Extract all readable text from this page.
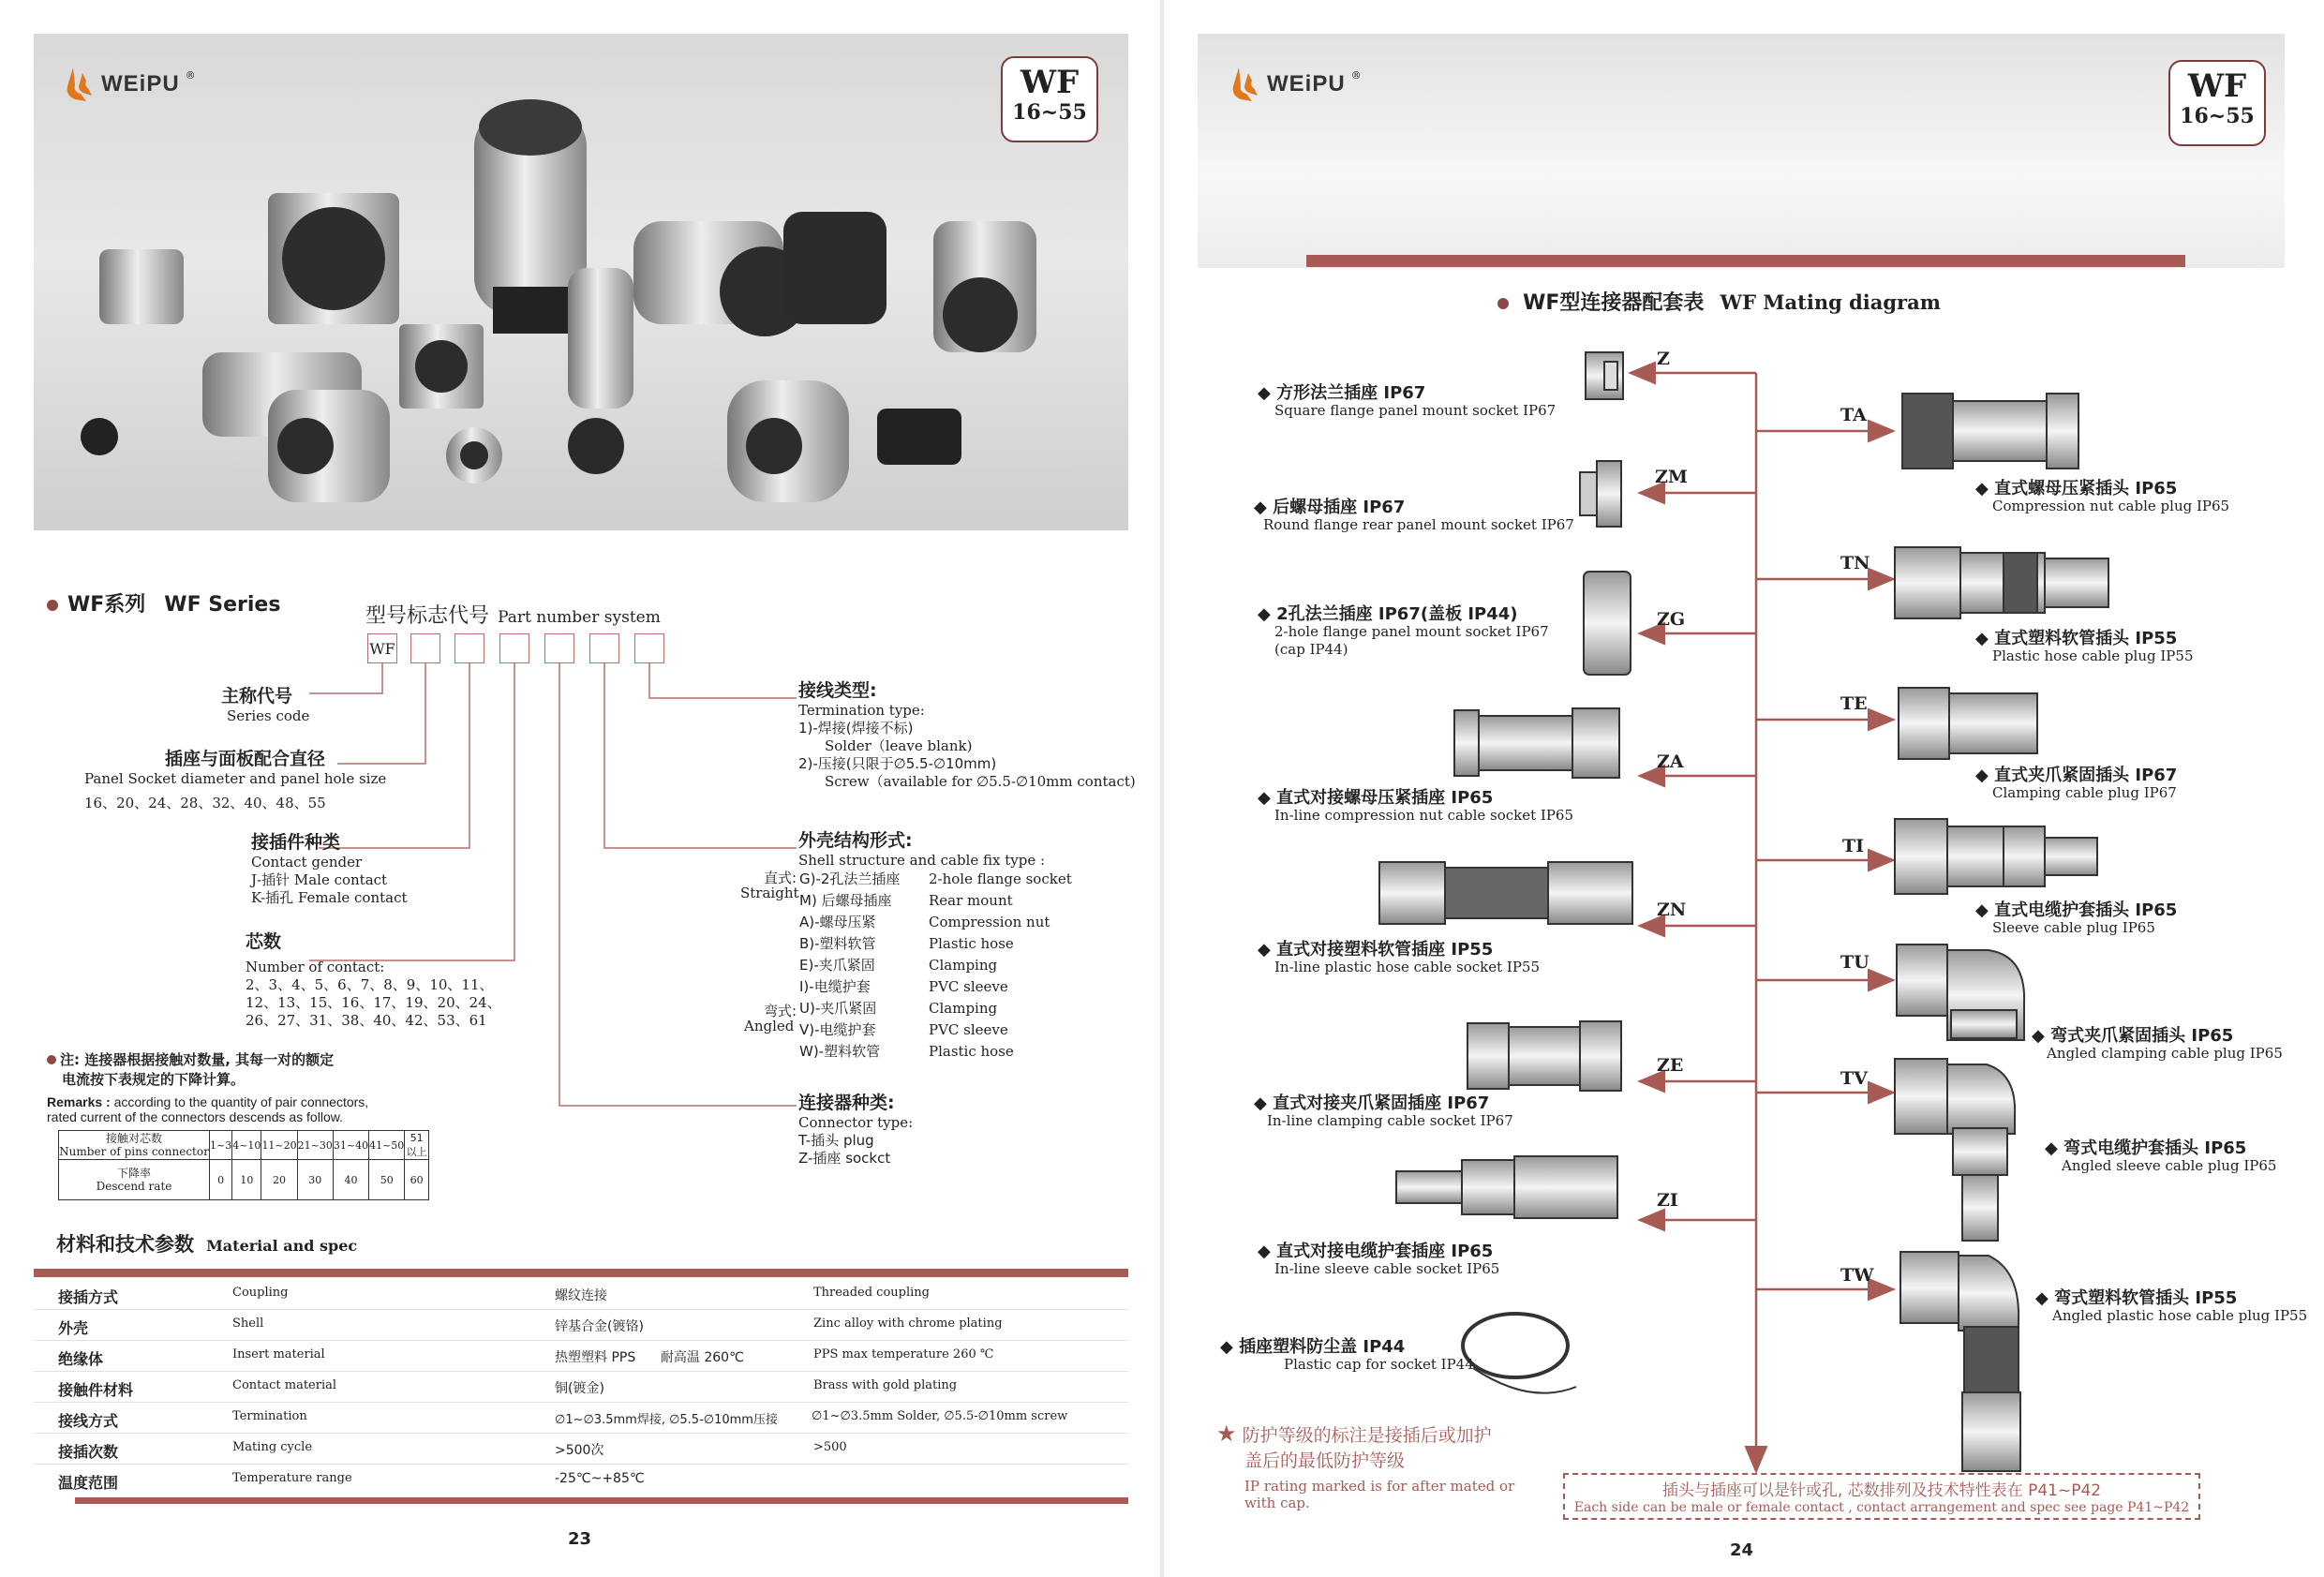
WEiPU ®	WF
16~55
WF系列 WF Series	型号标志代号 Part number system
WF
主称代号
Series code
插座与面板配合直径
Panel Socket diameter and panel hole size
16、20、24、28、32、40、48、55
接插件种类
Contact gender
J-插针 Male contact
K-插孔 Female contact
芯数
Number of contact:
2、3、4、5、6、7、8、9、10、11、
12、13、15、16、17、19、20、24、
26、27、31、38、40、42、53、61
接线类型:
Termination type:
1)-焊接(焊接不标)
Solder（leave blank)
2)-压接(只限于∅5.5-∅10mm)
Screw（available for ∅5.5-∅10mm contact)
外壳结构形式:
Shell structure and cable fix type :
直式:
Straight
弯式:
Angled
G)-2孔法兰插座 2-hole flange socket
M) 后螺母插座	Rear mount
A)-螺母压紧	Compression nut
B)-塑料软管	Plastic hose
E)-夹爪紧固	Clamping
I)-电缆护套	PVC sleeve
U)-夹爪紧固	Clamping
V)-电缆护套	PVC sleeve
W)-塑料软管	Plastic hose
连接器种类:
Connector type:
T-插头 plug
Z-插座 sockct
注: 连接器根据接触对数量, 其每一对的额定
电流按下表规定的下降计算。
Remarks : according to the quantity of pair connectors,
rated current of the connectors descends as follow.
接触对芯数
Number of pins connector	1~3	4~10	11~20	21~30	31~40	41~50	51以上
下降率
Descend rate	0	10	20	30	40	50	60
材料和技术参数 Material and spec
接插方式	Coupling	螺纹连接	Threaded coupling
外壳	Shell	锌基合金(镀铬)	Zinc alloy with chrome plating
绝缘体	Insert material	热塑塑料 PPS      耐高温 260℃	PPS max temperature 260 ℃
接触件材料	Contact material	铜(镀金)	Brass with gold plating
接线方式	Termination	∅1~∅3.5mm焊接, ∅5.5-∅10mm压接	∅1~∅3.5mm Solder, ∅5.5-∅10mm screw
接插次数	Mating cycle	>500次	>500
温度范围	Temperature range	-25℃~+85℃
23
WEiPU ®	WF
16~55
WF型连接器配套表 WF Mating diagram
Z
ZM
ZG
ZA
ZN
ZE
ZI
TA
TN
TE
TI
TU
TV
TW
◆ 方形法兰插座 IP67
Square flange panel mount socket IP67
◆ 后螺母插座 IP67
Round flange rear panel mount socket IP67
◆ 2孔法兰插座 IP67(盖板 IP44)
2-hole flange panel mount socket IP67
(cap IP44)
◆ 直式对接螺母压紧插座 IP65
In-line compression nut cable socket IP65
◆ 直式对接塑料软管插座 IP55
In-line plastic hose cable socket IP55
◆ 直式对接夹爪紧固插座 IP67
In-line clamping cable socket IP67
◆ 直式对接电缆护套插座 IP65
In-line sleeve cable socket IP65
◆ 插座塑料防尘盖 IP44
Plastic cap for socket IP44
◆ 直式螺母压紧插头 IP65
Compression nut cable plug IP65
◆ 直式塑料软管插头 IP55
Plastic hose cable plug IP55
◆ 直式夹爪紧固插头 IP67
Clamping cable plug IP67
◆ 直式电缆护套插头 IP65
Sleeve cable plug IP65
◆ 弯式夹爪紧固插头 IP65
Angled clamping cable plug IP65
◆ 弯式电缆护套插头 IP65
Angled sleeve cable plug IP65
◆ 弯式塑料软管插头 IP55
Angled plastic hose cable plug IP55
★ 防护等级的标注是接插后或加护
盖后的最低防护等级
IP rating marked is for after mated or
with cap.
插头与插座可以是针或孔, 芯数排列及技术特性表在 P41~P42
Each side can be male or female contact , contact arrangement and spec see page P41~P42
24
